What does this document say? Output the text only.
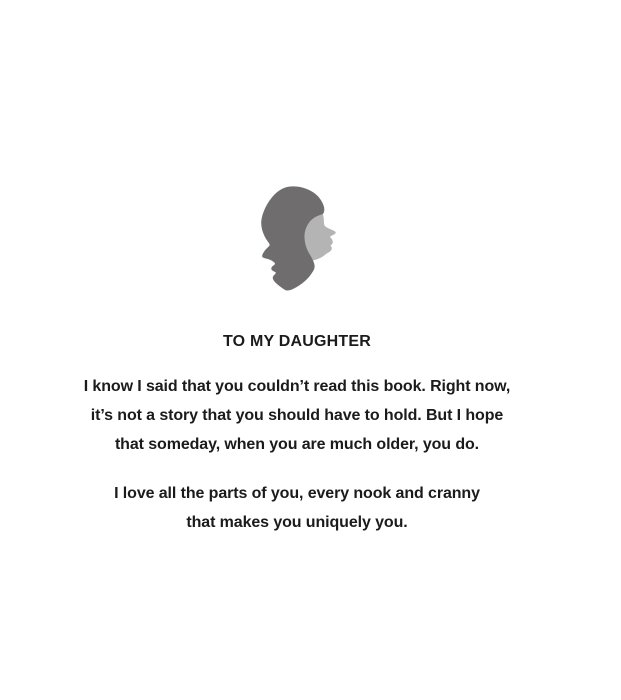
TO MY DAUGHTER
I know I said that you couldn’t read this book. Right now,
it’s not a story that you should have to hold. But I hope
that someday, when you are much older, you do.
I love all the parts of you, every nook and cranny
that makes you uniquely you.
